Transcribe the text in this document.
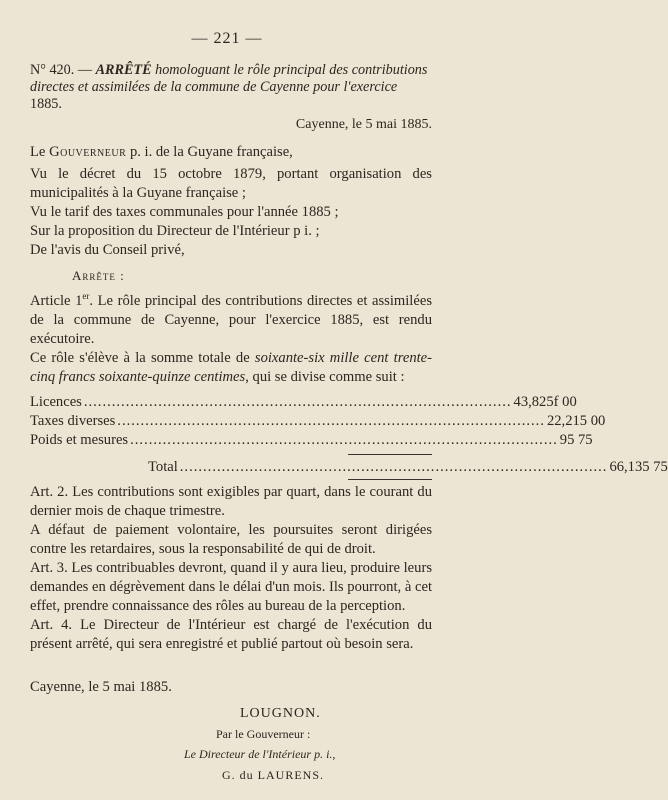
— 221 —
N° 420. — ARRÊTÉ homologuant le rôle principal des contributions directes et assimilées de la commune de Cayenne pour l'exercice 1885.
Cayenne, le 5 mai 1885.

Le Gouverneur p. i. de la Guyane française,

Vu le décret du 15 octobre 1879, portant organisation des municipalités à la Guyane française ;

Vu le tarif des taxes communales pour l'année 1885 ;

Sur la proposition du Directeur de l'Intérieur p i. ;

De l'avis du Conseil privé,

Arrête :

Article 1er. Le rôle principal des contributions directes et assimilées de la commune de Cayenne, pour l'exercice 1885, est rendu exécutoire.

Ce rôle s'élève à la somme totale de soixante-six mille cent trente-cinq francs soixante-quinze centimes, qui se divise comme suit :

Licences ............................................................................................ 43,825f 00
Taxes diverses ............................................................................................ 22,215 00
Poids et mesures ............................................................................................ 95 75
Total ............................................................................................ 66,135 75

Art. 2. Les contributions sont exigibles par quart, dans le courant du dernier mois de chaque trimestre.

A défaut de paiement volontaire, les poursuites seront dirigées contre les retardaires, sous la responsabilité de qui de droit.

Art. 3. Les contribuables devront, quand il y aura lieu, produire leurs demandes en dégrèvement dans le délai d'un mois. Ils pourront, à cet effet, prendre connaissance des rôles au bureau de la perception.

Art. 4. Le Directeur de l'Intérieur est chargé de l'exécution du présent arrêté, qui sera enregistré et publié partout où besoin sera.

Cayenne, le 5 mai 1885.
LOUGNON.
Par le Gouverneur :
Le Directeur de l'Intérieur p. i.,
G. du LAURENS.
